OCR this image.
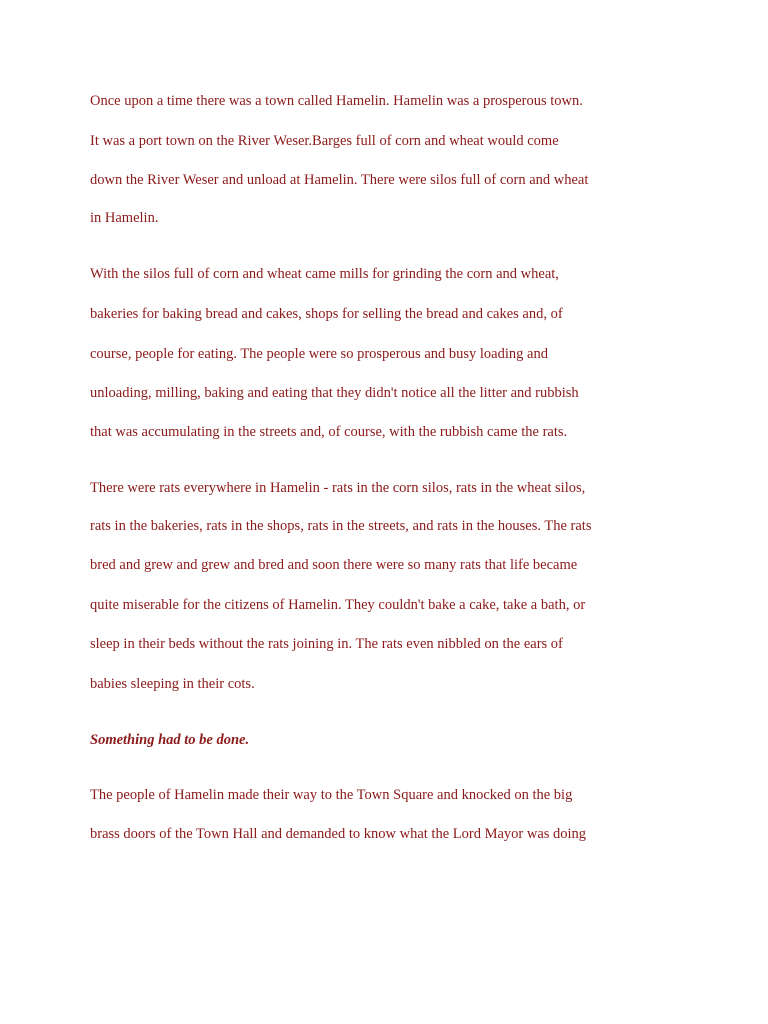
Once upon a time there was a town called Hamelin. Hamelin was a prosperous town.
It was a port town on the River Weser.Barges full of corn and wheat would come
down the River Weser and unload at Hamelin. There were silos full of corn and wheat
in Hamelin.
With the silos full of corn and wheat came mills for grinding the corn and wheat,
bakeries for baking bread and cakes, shops for selling the bread and cakes and, of
course, people for eating. The people were so prosperous and busy loading and
unloading, milling, baking and eating that they didn't notice all the litter and rubbish
that was accumulating in the streets and, of course, with the rubbish came the rats.
There were rats everywhere in Hamelin - rats in the corn silos, rats in the wheat silos,
rats in the bakeries, rats in the shops, rats in the streets, and rats in the houses. The rats
bred and grew and grew and bred and soon there were so many rats that life became
quite miserable for the citizens of Hamelin. They couldn't bake a cake, take a bath, or
sleep in their beds without the rats joining in. The rats even nibbled on the ears of
babies sleeping in their cots.
Something had to be done.
The people of Hamelin made their way to the Town Square and knocked on the big
brass doors of the Town Hall and demanded to know what the Lord Mayor was doing
